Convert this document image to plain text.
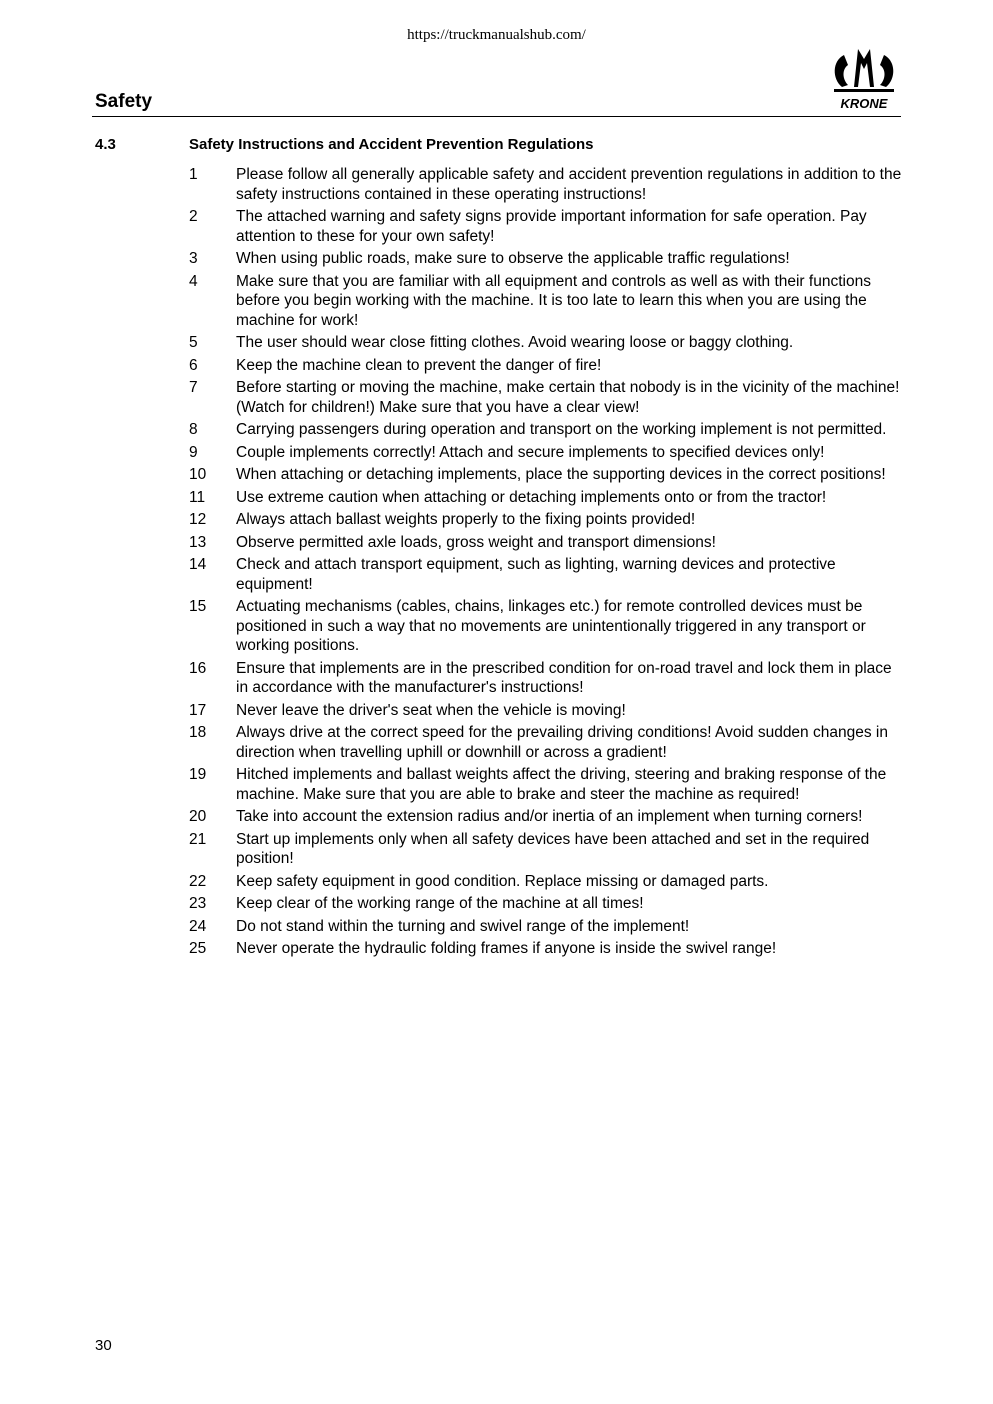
https://truckmanualshub.com/
Safety	KRONE
4.3	Safety Instructions and Accident Prevention Regulations
1	Please follow all generally applicable safety and accident prevention regulations in addition to the safety instructions contained in these operating instructions!
2	The attached warning and safety signs provide important information for safe operation. Pay attention to these for your own safety!
3	When using public roads, make sure to observe the applicable traffic regulations!
4	Make sure that you are familiar with all equipment and controls as well as with their functions before you begin working with the machine. It is too late to learn this when you are using the machine for work!
5	The user should wear close fitting clothes. Avoid wearing loose or baggy clothing.
6	Keep the machine clean to prevent the danger of fire!
7	Before starting or moving the machine, make certain that nobody is in the vicinity of the machine! (Watch for children!) Make sure that you have a clear view!
8	Carrying passengers during operation and transport on the working implement is not permitted.
9	Couple implements correctly! Attach and secure implements to specified devices only!
10	When attaching or detaching implements, place the supporting devices in the correct positions!
11	Use extreme caution when attaching or detaching implements onto or from the tractor!
12	Always attach ballast weights properly to the fixing points provided!
13	Observe permitted axle loads, gross weight and transport dimensions!
14	Check and attach transport equipment, such as lighting, warning devices and protective equipment!
15	Actuating mechanisms (cables, chains, linkages etc.) for remote controlled devices must be positioned in such a way that no movements are unintentionally triggered in any transport or working positions.
16	Ensure that implements are in the prescribed condition for on-road travel and lock them in place in accordance with the manufacturer's instructions!
17	Never leave the driver's seat when the vehicle is moving!
18	Always drive at the correct speed for the prevailing driving conditions! Avoid sudden changes in direction when travelling uphill or downhill or across a gradient!
19	Hitched implements and ballast weights affect the driving, steering and braking response of the machine. Make sure that you are able to brake and steer the machine as required!
20	Take into account the extension radius and/or inertia of an implement when turning corners!
21	Start up implements only when all safety devices have been attached and set in the required position!
22	Keep safety equipment in good condition. Replace missing or damaged parts.
23	Keep clear of the working range of the machine at all times!
24	Do not stand within the turning and swivel range of the implement!
25	Never operate the hydraulic folding frames if anyone is inside the swivel range!
30
